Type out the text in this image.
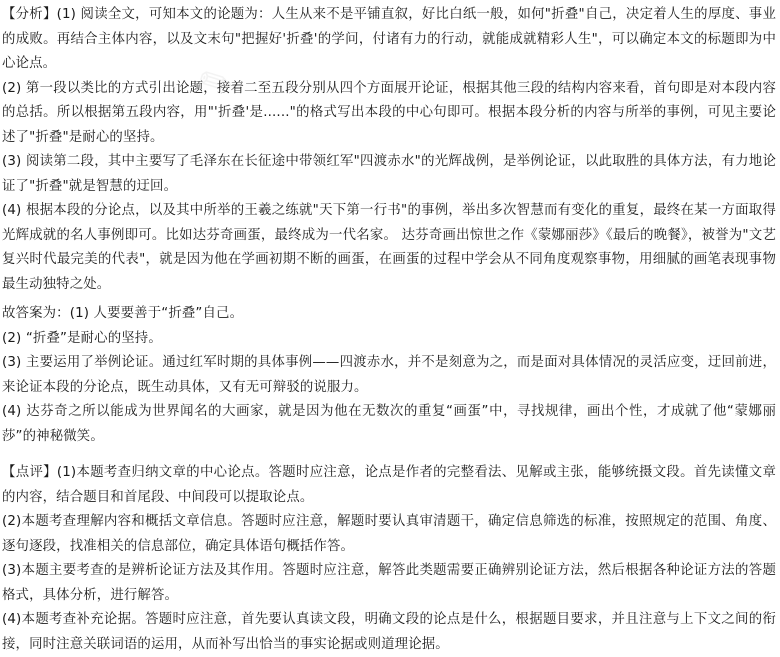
✎

【分析】(1) 阅读全文，可知本文的论题为：人生从来不是平铺直叙，好比白纸一般，如何"折叠"自己，决定着人生的厚度、事业的成败。再结合主体内容，以及文末句"把握好'折叠'的学问，付诸有力的行动，就能成就精彩人生"，可以确定本文的标题即为中心论点。

(2) 第一段以类比的方式引出论题，接着二至五段分别从四个方面展开论证，根据其他三段的结构内容来看，首句即是对本段内容的总括。所以根据第五段内容，用"'折叠'是......"的格式写出本段的中心句即可。根据本段分析的内容与所举的事例，可见主要论述了"折叠"是耐心的坚持。

(3) 阅读第二段，其中主要写了毛泽东在长征途中带领红军"四渡赤水"的光辉战例，是举例论证，以此取胜的具体方法，有力地论证了"折叠"就是智慧的迂回。

(4) 根据本段的分论点，以及其中所举的王羲之练就"天下第一行书"的事例，举出多次智慧而有变化的重复，最终在某一方面取得光辉成就的名人事例即可。比如达芬奇画蛋，最终成为一代名家。 达芬奇画出惊世之作《蒙娜丽莎》《最后的晚餐》，被誉为"文艺复兴时代最完美的代表"，就是因为他在学画初期不断的画蛋，在画蛋的过程中学会从不同角度观察事物，用细腻的画笔表现事物最生动独特之处。

故答案为：(1) 人要要善于“折叠”自己。

(2) “折叠”是耐心的坚持。

(3) 主要运用了举例论证。通过红军时期的具体事例——四渡赤水，并不是刻意为之，而是面对具体情况的灵活应变，迂回前进，来论证本段的分论点，既生动具体，又有无可辩驳的说服力。

(4) 达芬奇之所以能成为世界闻名的大画家，就是因为他在无数次的重复“画蛋”中，寻找规律，画出个性，才成就了他“蒙娜丽莎”的神秘微笑。

【点评】(1)本题考查归纳文章的中心论点。答题时应注意，论点是作者的完整看法、见解或主张，能够统摄文段。首先读懂文章的内容，结合题目和首尾段、中间段可以提取论点。

(2)本题考查理解内容和概括文章信息。答题时应注意，解题时要认真审清题干，确定信息筛选的标准，按照规定的范围、角度、逐句逐段，找准相关的信息部位，确定具体语句概括作答。

(3)本题主要考查的是辨析论证方法及其作用。答题时应注意，解答此类题需要正确辨别论证方法，然后根据各种论证方法的答题格式，具体分析，进行解答。

(4)本题考查补充论据。答题时应注意，首先要认真读文段，明确文段的论点是什么，根据题目要求，并且注意与上下文之间的衔接，同时注意关联词语的运用，从而补写出恰当的事实论据或则道理论据。
